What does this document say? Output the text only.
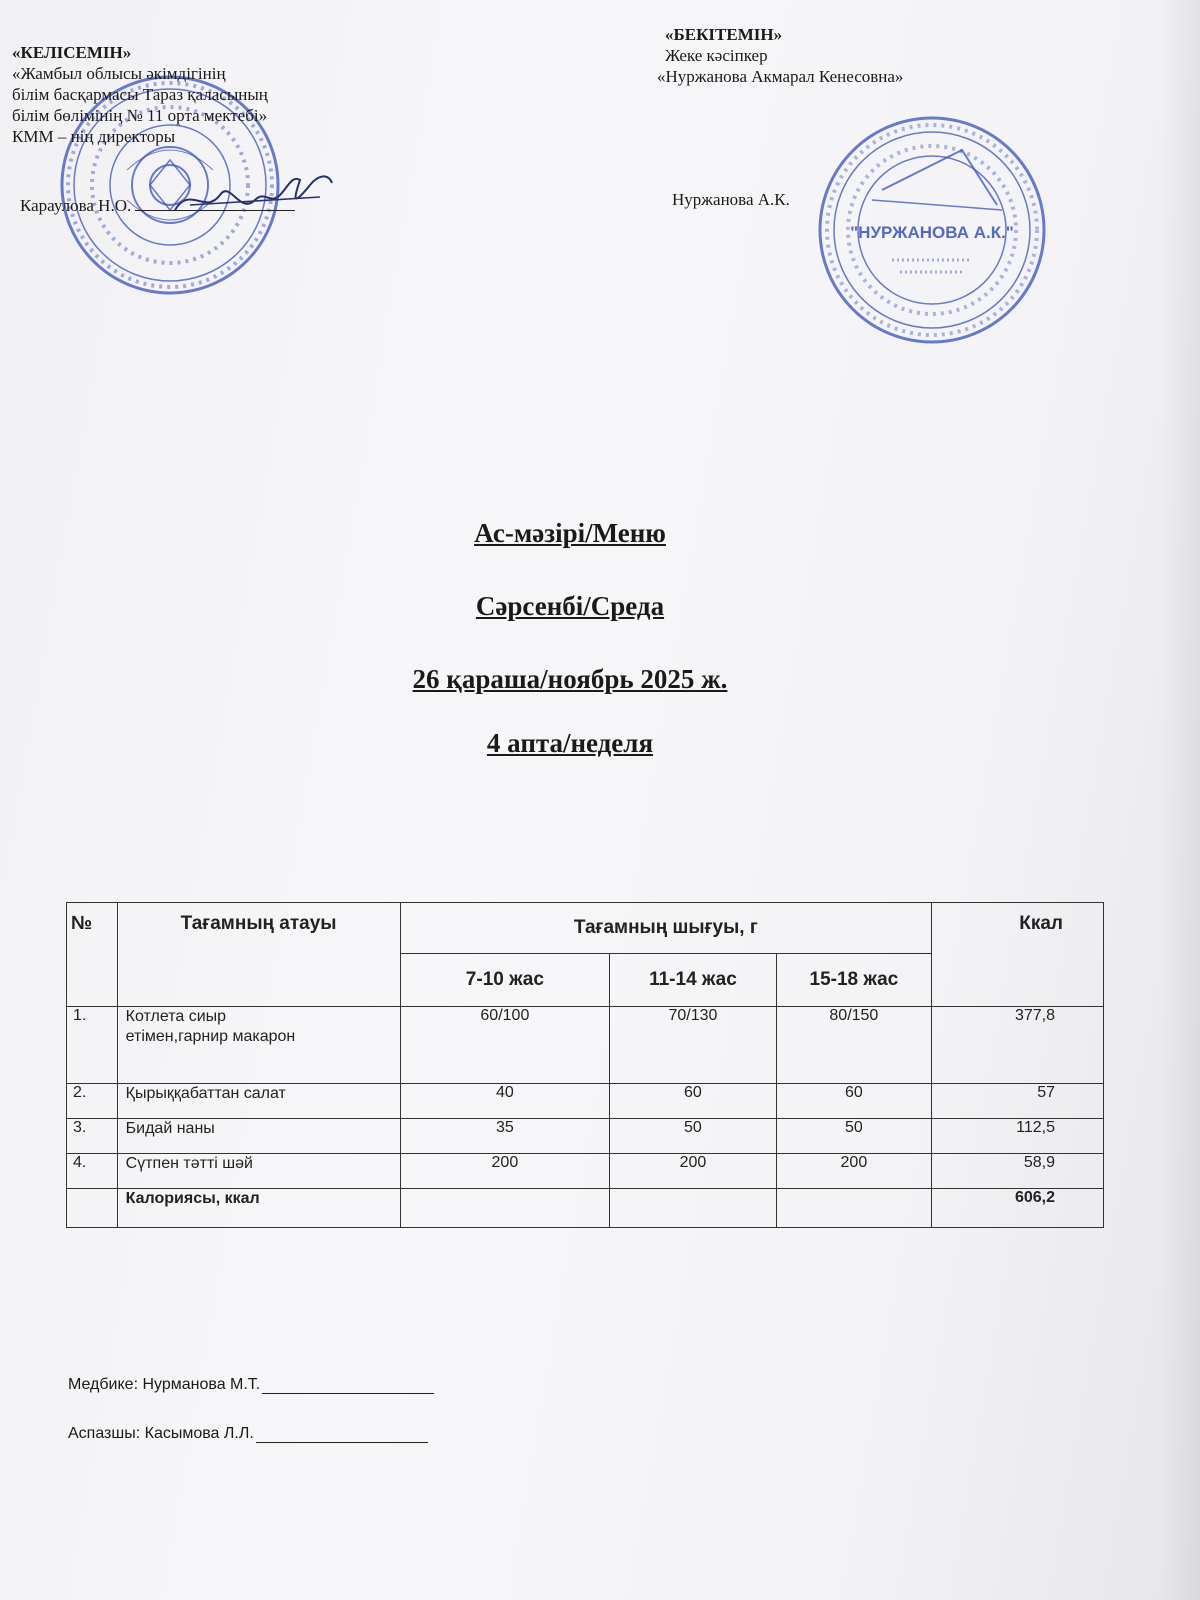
"НУРЖАНОВА А.К."
«КЕЛІСЕМІН»
«Жамбыл облысы әкімдігінің
білім басқармасы Тараз қаласының
білім бөлімінің № 11 орта мектебі»
КММ – нің директоры
Караулова Н.О.
«БЕКІТЕМІН»
Жеке кәсіпкер
«Нуржанова Акмарал Кенесовна»
Нуржанова А.К.
Ас-мәзірі/Меню
Сәрсенбі/Среда
26 қараша/ноябрь 2025 ж.
4 апта/неделя
№	Тағамның атауы	Тағамның шығуы, г			Ккал
		7-10 жас	11-14 жас	15-18 жас	
1.	Котлета сиыр етімен,гарнир макарон	60/100	70/130	80/150	377,8
2.	Қырыққабаттан салат	40	60	60	57
3.	Бидай наны	35	50	50	112,5
4.	Сүтпен тәтті шәй	200	200	200	58,9
	Калориясы, ккал				606,2
Медбике: Нурманова М.Т.
Аспазшы: Касымова Л.Л.
